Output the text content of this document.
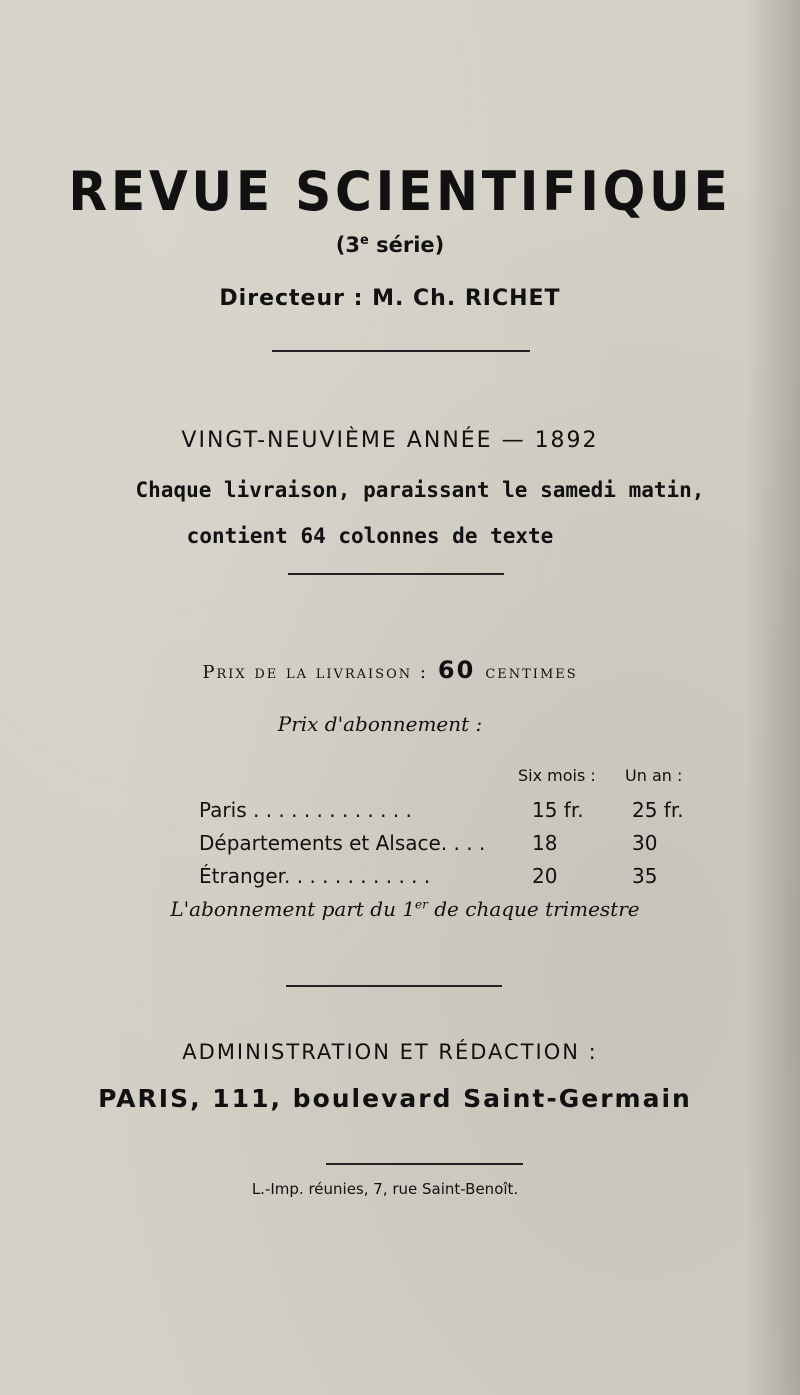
REVUE SCIENTIFIQUE
(3e série)
Directeur : M. Ch. RICHET
VINGT-NEUVIÈME ANNÉE — 1892
Chaque livraison, paraissant le samedi matin,
contient 64 colonnes de texte
Prix de la livraison : 60 centimes
Prix d'abonnement :
Six mois : Un an :
Paris . . . . . . . . . . . . .	15 fr. 25 fr.
Départements et Alsace. . . . 18	30
Étranger. . . . . . . . . . . .	20	35
L'abonnement part du 1er de chaque trimestre
ADMINISTRATION ET RÉDACTION :
PARIS, 111, boulevard Saint-Germain
L.-Imp. réunies, 7, rue Saint-Benoît.
